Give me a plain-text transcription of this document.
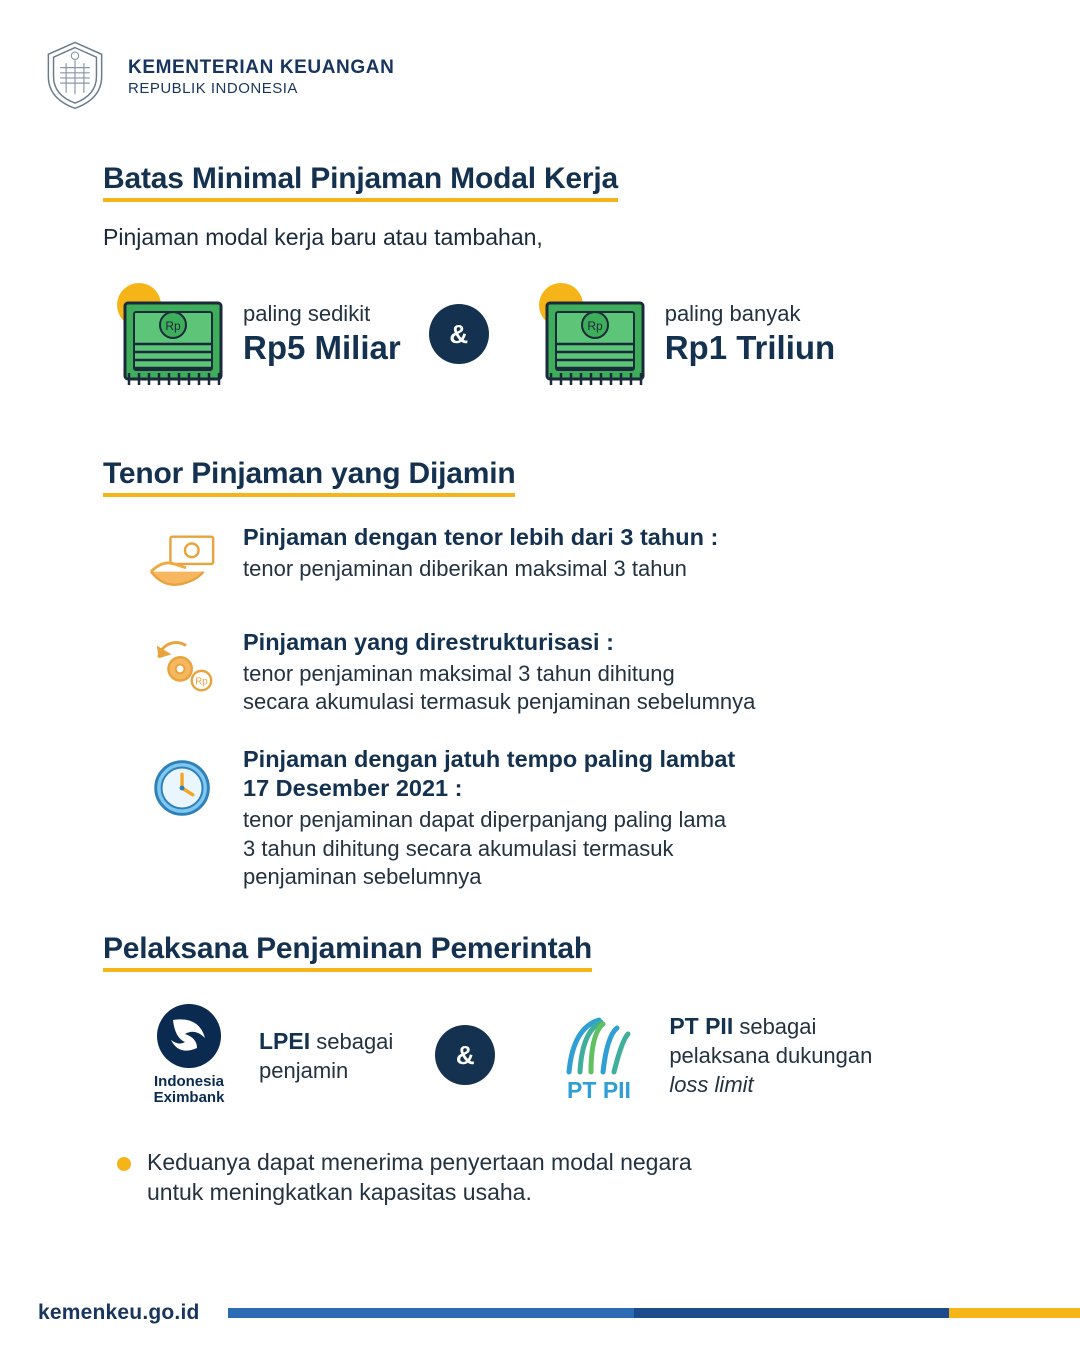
KEMENTERIAN KEUANGAN
REPUBLIK INDONESIA
Batas Minimal Pinjaman Modal Kerja
Pinjaman modal kerja baru atau tambahan,
Rp	paling sedikit
Rp5 Miliar	&	Rp	paling banyak
Rp1 Triliun
Tenor Pinjaman yang Dijamin
Pinjaman dengan tenor lebih dari 3 tahun :
tenor penjaminan diberikan maksimal 3 tahun
Rp
Pinjaman yang direstrukturisasi :
tenor penjaminan maksimal 3 tahun dihitung
secara akumulasi termasuk penjaminan sebelumnya
Pinjaman dengan jatuh tempo paling lambat
17 Desember 2021 :
tenor penjaminan dapat diperpanjang paling lama
3 tahun dihitung secara akumulasi termasuk
penjaminan sebelumnya
Pelaksana Penjaminan Pemerintah
Indonesia
Eximbank
LPEI sebagai
penjamin
&
PT PII
PT PII sebagai
pelaksana dukungan
loss limit
Keduanya dapat menerima penyertaan modal negara
untuk meningkatkan kapasitas usaha.
kemenkeu.go.id
